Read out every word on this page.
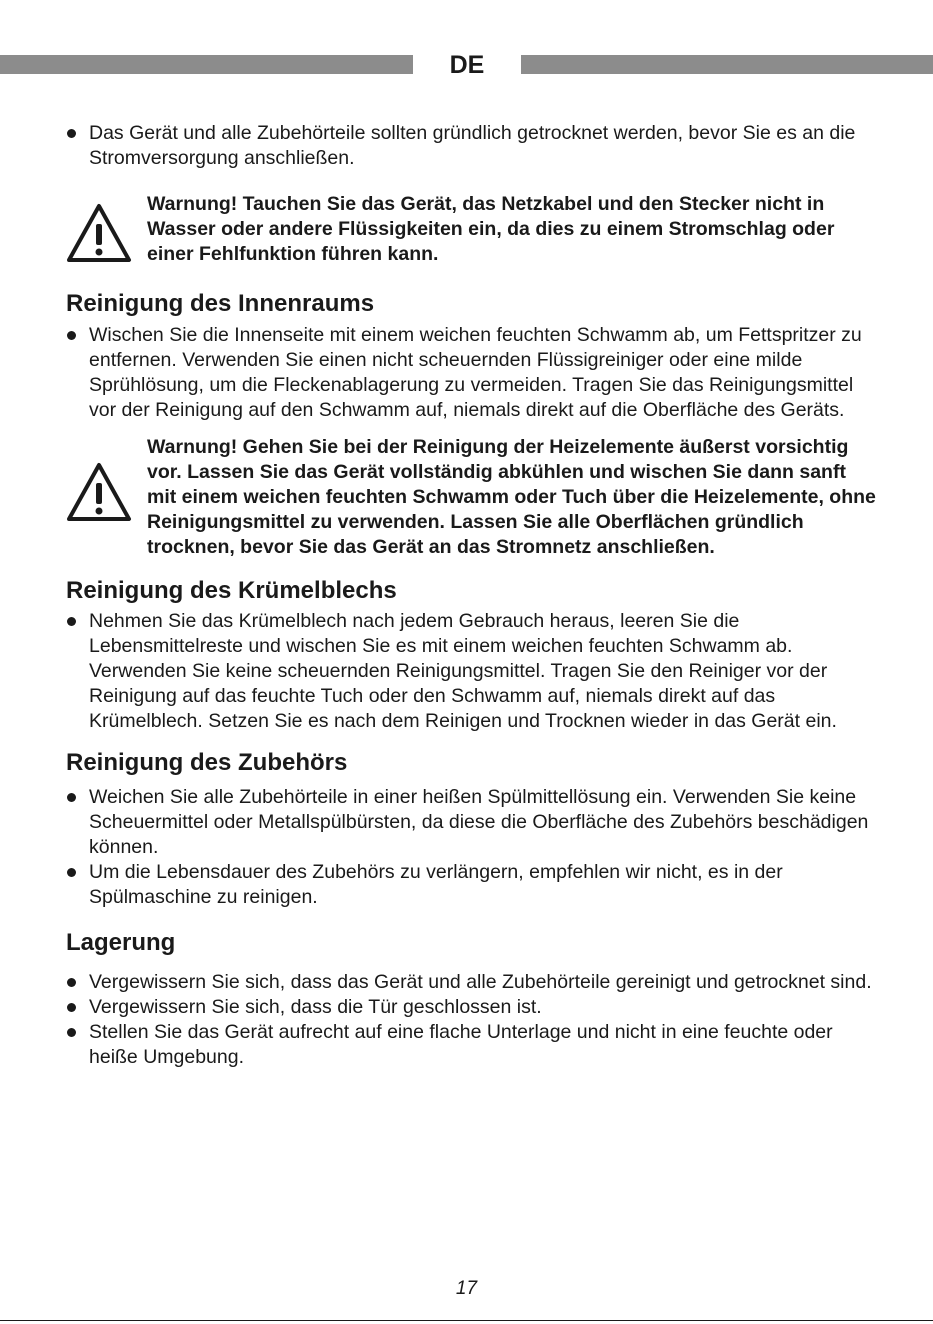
DE
Das Gerät und alle Zubehörteile sollten gründlich getrocknet werden, bevor Sie es an die Stromversorgung anschließen.
Warnung! Tauchen Sie das Gerät, das Netzkabel und den Stecker nicht in Wasser oder andere Flüssigkeiten ein, da dies zu einem Stromschlag oder einer Fehlfunktion führen kann.
Reinigung des Innenraums
Wischen Sie die Innenseite mit einem weichen feuchten Schwamm ab, um Fettspritzer zu entfernen. Verwenden Sie einen nicht scheuernden Flüssigreiniger oder eine milde Sprühlösung, um die Fleckenablagerung zu vermeiden. Tragen Sie das Reinigungsmittel vor der Reinigung auf den Schwamm auf, niemals direkt auf die Oberfläche des Geräts.
Warnung! Gehen Sie bei der Reinigung der Heizelemente äußerst vorsichtig vor. Lassen Sie das Gerät vollständig abkühlen und wischen Sie dann sanft mit einem weichen feuchten Schwamm oder Tuch über die Heizelemente, ohne Reinigungsmittel zu verwenden. Lassen Sie alle Oberflächen gründlich trocknen, bevor Sie das Gerät an das Stromnetz anschließen.
Reinigung des Krümelblechs
Nehmen Sie das Krümelblech nach jedem Gebrauch heraus, leeren Sie die Lebensmittelreste und wischen Sie es mit einem weichen feuchten Schwamm ab. Verwenden Sie keine scheuernden Reinigungsmittel. Tragen Sie den Reiniger vor der Reinigung auf das feuchte Tuch oder den Schwamm auf, niemals direkt auf das Krümelblech. Setzen Sie es nach dem Reinigen und Trocknen wieder in das Gerät ein.
Reinigung des Zubehörs
Weichen Sie alle Zubehörteile in einer heißen Spülmittellösung ein. Verwenden Sie keine Scheuermittel oder Metallspülbürsten, da diese die Oberfläche des Zubehörs beschädigen können.
Um die Lebensdauer des Zubehörs zu verlängern, empfehlen wir nicht, es in der Spülmaschine zu reinigen.
Lagerung
Vergewissern Sie sich, dass das Gerät und alle Zubehörteile gereinigt und getrocknet sind.
Vergewissern Sie sich, dass die Tür geschlossen ist.
Stellen Sie das Gerät aufrecht auf eine flache Unterlage und nicht in eine feuchte oder heiße Umgebung.
17
